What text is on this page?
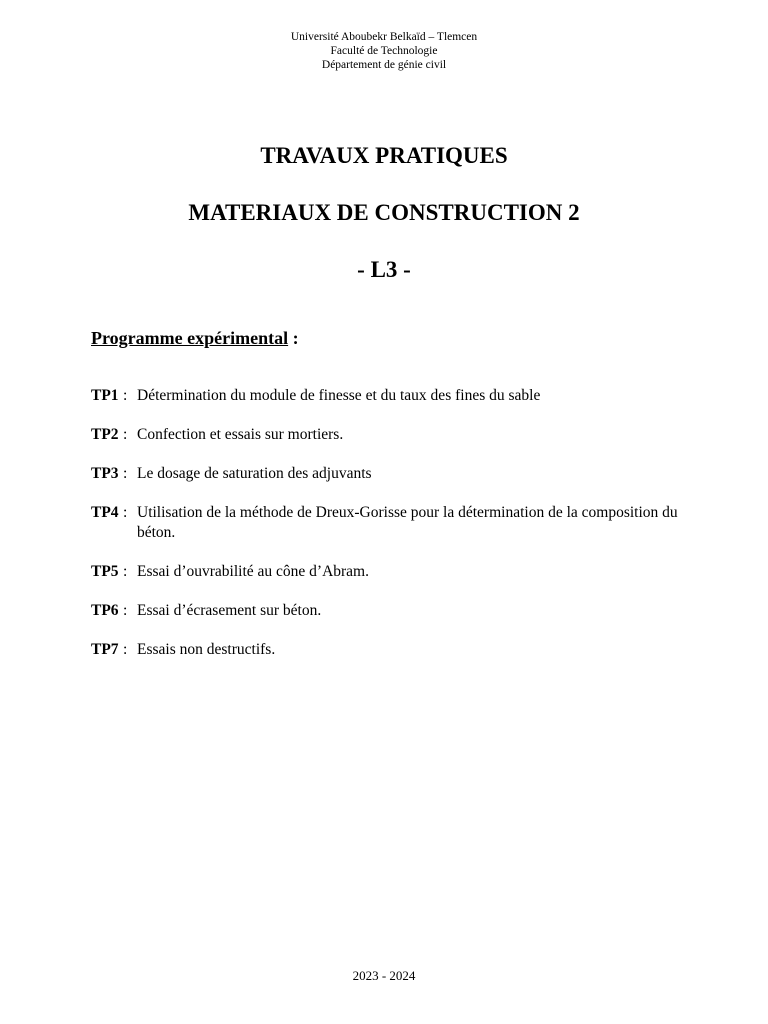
Université Aboubekr Belkaïd – Tlemcen
Faculté de Technologie
Département de génie civil
TRAVAUX PRATIQUES
MATERIAUX DE CONSTRUCTION 2
- L3 -
Programme expérimental :
TP1 : Détermination du module de finesse et du taux des fines du sable
TP2 : Confection et essais sur mortiers.
TP3 : Le dosage de saturation des adjuvants
TP4 : Utilisation de la méthode de Dreux-Gorisse pour la détermination de la composition du béton.
TP5 : Essai d’ouvrabilité au cône d’Abram.
TP6 : Essai d’écrasement sur béton.
TP7 : Essais non destructifs.
2023 - 2024
